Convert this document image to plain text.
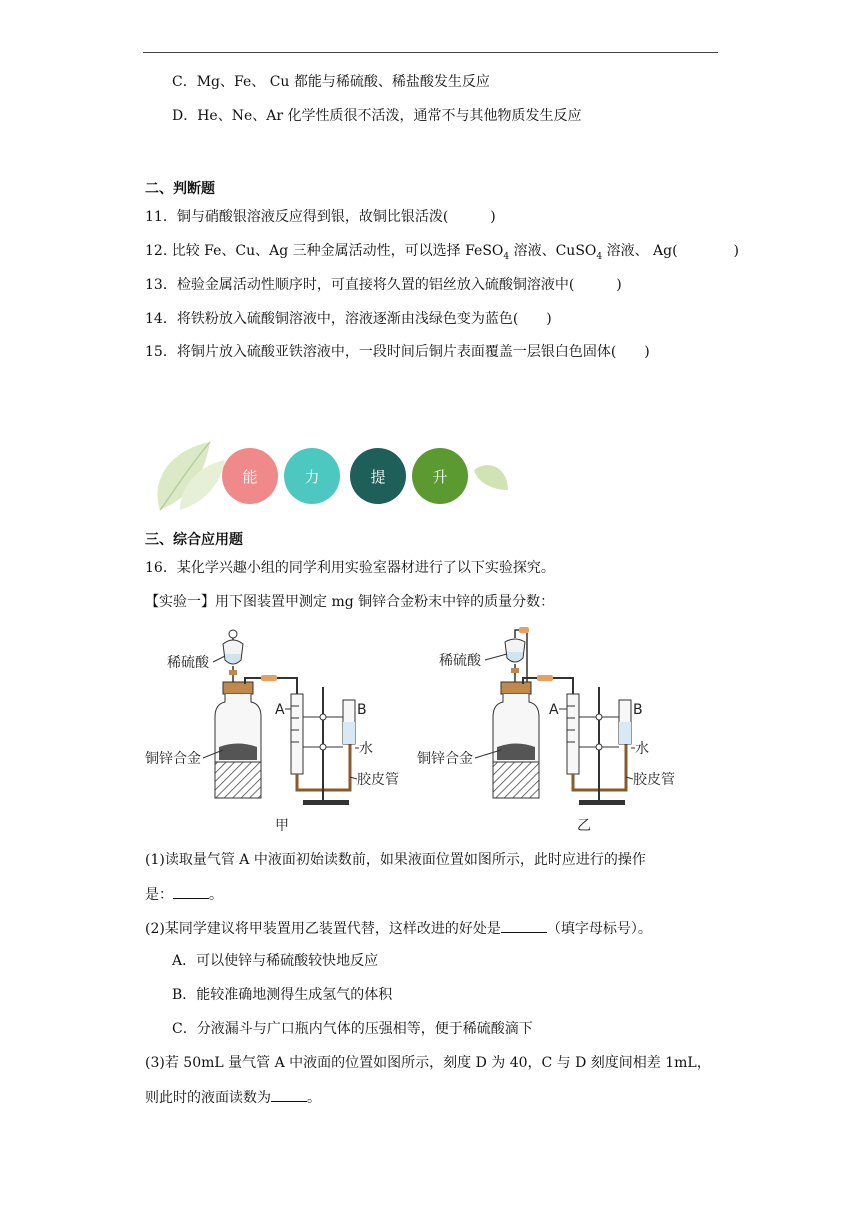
C．Mg、Fe、 Cu 都能与稀硫酸、稀盐酸发生反应
D．He、Ne、Ar 化学性质很不活泼，通常不与其他物质发生反应
二、判断题
11．铜与硝酸银溶液反应得到银，故铜比银活泼(　　　)
12. 比较 Fe、Cu、Ag 三种金属活动性，可以选择 FeSO$_4$ 溶液、CuSO$_4$ 溶液、 Ag(　　　　)
13．检验金属活动性顺序时，可直接将久置的铝丝放入硫酸铜溶液中(　　　)
14．将铁粉放入硫酸铜溶液中，溶液逐渐由浅绿色变为蓝色(　　)
15．将铜片放入硫酸亚铁溶液中，一段时间后铜片表面覆盖一层银白色固体(　　)
能	力	提	升
三、综合应用题
16．某化学兴趣小组的同学利用实验室器材进行了以下实验探究。
【实验一】用下图装置甲测定 mg 铜锌合金粉末中锌的质量分数：
稀硫酸
铜锌合金
A	B
水
胶皮管
甲
稀硫酸
铜锌合金
A	B
水
胶皮管
乙
(1)读取量气管 A 中液面初始读数前，如果液面位置如图所示，此时应进行的操作
是：	。
(2)某同学建议将甲装置用乙装置代替，这样改进的好处是	（填字母标号）。
A．可以使锌与稀硫酸较快地反应
B．能较准确地测得生成氢气的体积
C．分液漏斗与广口瓶内气体的压强相等，便于稀硫酸滴下
(3)若 50mL 量气管 A 中液面的位置如图所示，刻度 D 为 40，C 与 D 刻度间相差 1mL，
则此时的液面读数为	。
